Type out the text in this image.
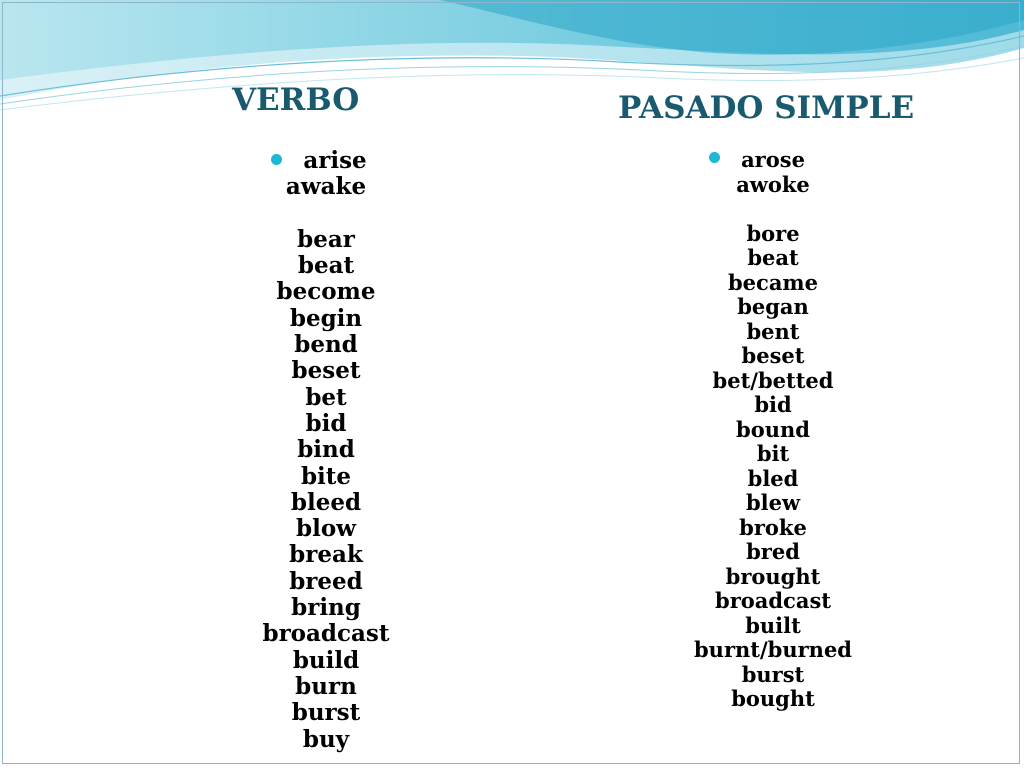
VERBO	PASADO SIMPLE
arise
awake
bear
beat
become
begin
bend
beset
bet
bid
bind
bite
bleed
blow
break
breed
bring
broadcast
build
burn
burst
buy
arose
awoke
bore
beat
became
began
bent
beset
bet/betted
bid
bound
bit
bled
blew
broke
bred
brought
broadcast
built
burnt/burned
burst
bought
